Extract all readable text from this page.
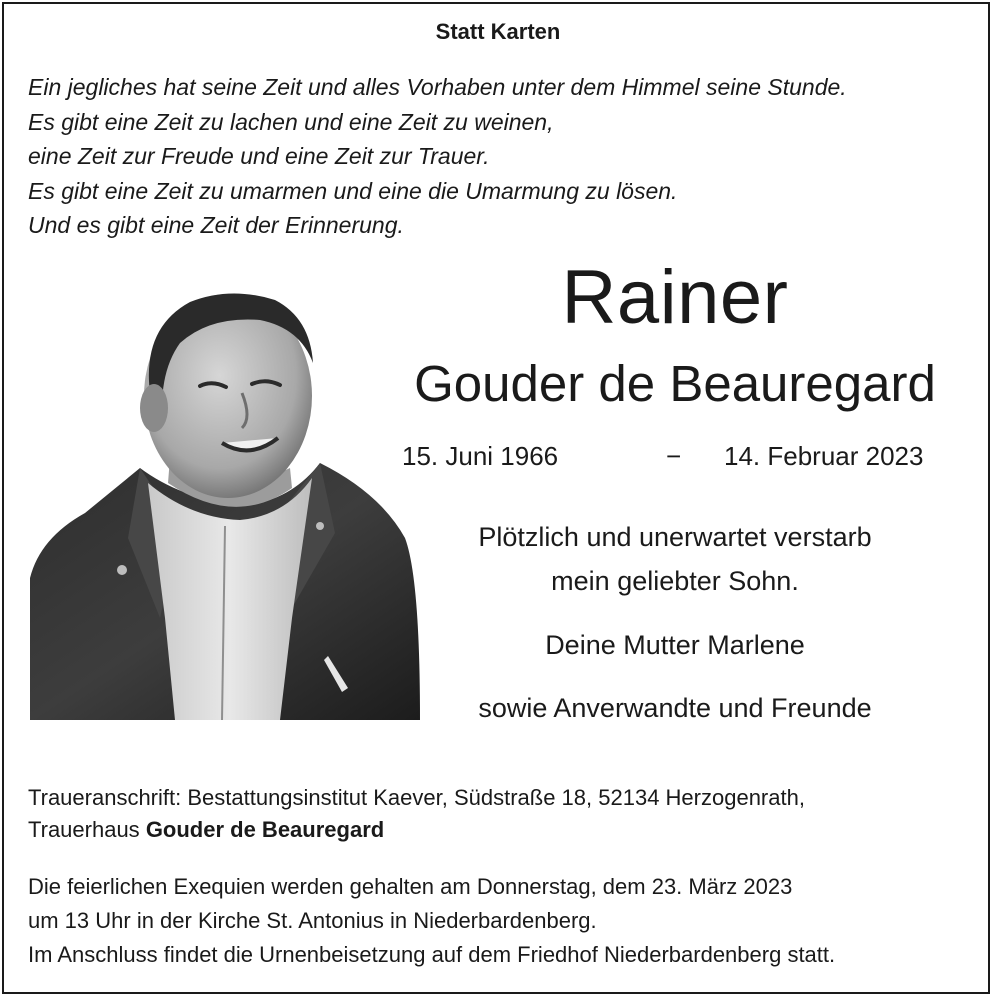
Statt Karten
Ein jegliches hat seine Zeit und alles Vorhaben unter dem Himmel seine Stunde.
Es gibt eine Zeit zu lachen und eine Zeit zu weinen,
eine Zeit zur Freude und eine Zeit zur Trauer.
Es gibt eine Zeit zu umarmen und eine die Umarmung zu lösen.
Und es gibt eine Zeit der Erinnerung.
Rainer
Gouder de Beauregard
15. Juni 1966	− 14. Februar 2023
Plötzlich und unerwartet verstarb
mein geliebter Sohn.
Deine Mutter Marlene
sowie Anverwandte und Freunde
Traueranschrift: Bestattungsinstitut Kaever, Südstraße 18, 52134 Herzogenrath,
Trauerhaus Gouder de Beauregard
Die feierlichen Exequien werden gehalten am Donnerstag, dem 23. März 2023
um 13 Uhr in der Kirche St. Antonius in Niederbardenberg.
Im Anschluss findet die Urnenbeisetzung auf dem Friedhof Niederbardenberg statt.
